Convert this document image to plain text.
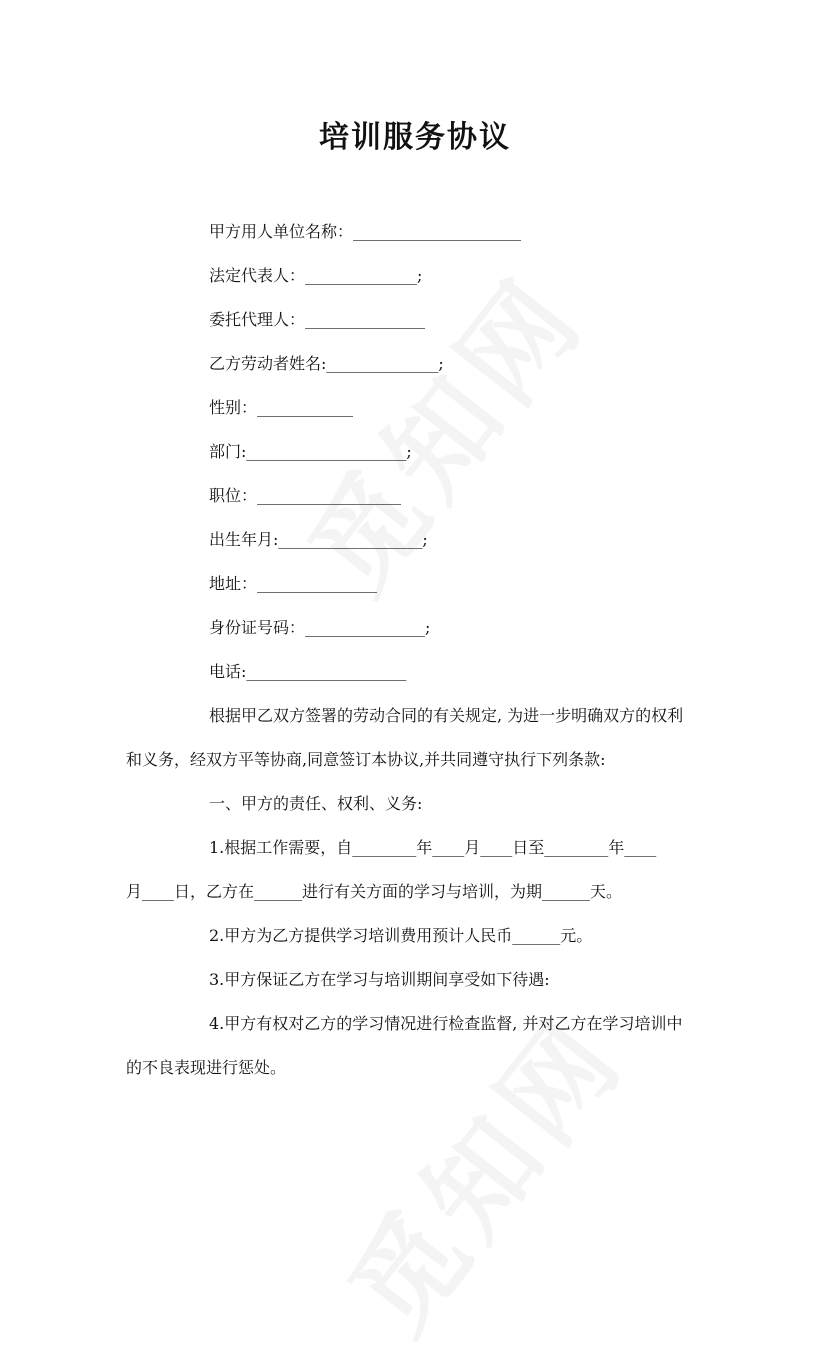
培训服务协议
甲方用人单位名称：_____________________
法定代表人：______________;
委托代理人：_______________
乙方劳动者姓名:______________;
性别：____________
部门:____________________;
职位：__________________
出生年月:__________________;
地址：_______________
身份证号码：_______________;
电话:____________________
根据甲乙双方签署的劳动合同的有关规定, 为进一步明确双方的权利
和义务，经双方平等协商,同意签订本协议,并共同遵守执行下列条款:
一、甲方的责任、权利、义务:
1.根据工作需要，自________年____月____日至________年____
月____日，乙方在______进行有关方面的学习与培训，为期______天。
2.甲方为乙方提供学习培训费用预计人民币______元。
3.甲方保证乙方在学习与培训期间享受如下待遇:
4.甲方有权对乙方的学习情况进行检查监督, 并对乙方在学习培训中
的不良表现进行惩处。
